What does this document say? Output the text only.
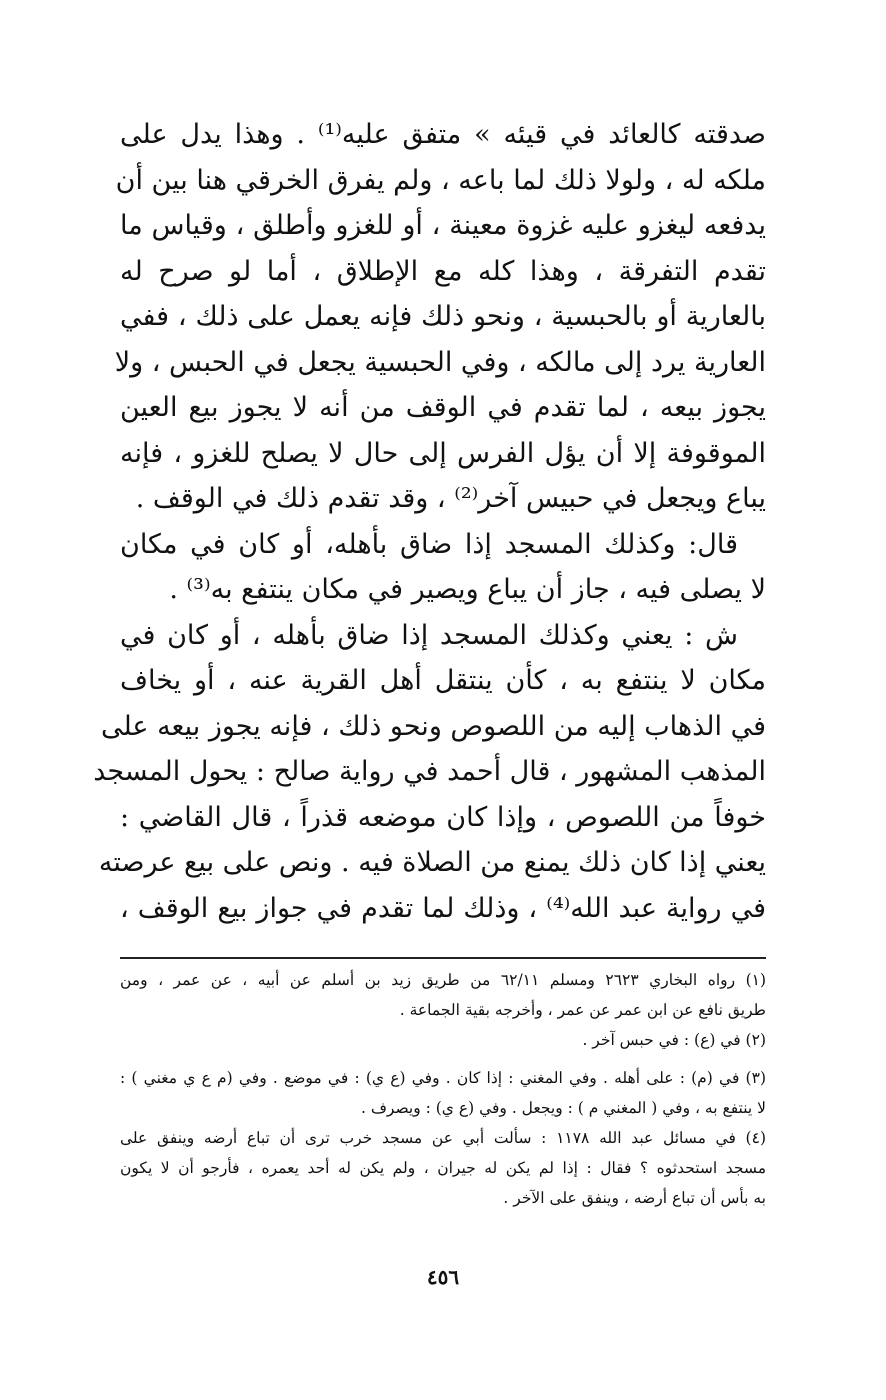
صدقته كالعائد في قيئه » متفق عليه⁽¹⁾ . وهذا يدل على
ملكه له ، ولولا ذلك لما باعه ، ولم يفرق الخرقي هنا بين أن
يدفعه ليغزو عليه غزوة معينة ، أو للغزو وأطلق ، وقياس ما
تقدم التفرقة ، وهذا كله مع الإطلاق ، أما لو صرح له
بالعارية أو بالحبسية ، ونحو ذلك فإنه يعمل على ذلك ، ففي
العارية يرد إلى مالكه ، وفي الحبسية يجعل في الحبس ، ولا
يجوز بيعه ، لما تقدم في الوقف من أنه لا يجوز بيع العين
الموقوفة إلا أن يؤل الفرس إلى حال لا يصلح للغزو ، فإنه
يباع ويجعل في حبيس آخر⁽²⁾ ، وقد تقدم ذلك في الوقف .
قال: وكذلك المسجد إذا ضاق بأهله، أو كان في مكان
لا يصلى فيه ، جاز أن يباع ويصير في مكان ينتفع به⁽³⁾ .
ش : يعني وكذلك المسجد إذا ضاق بأهله ، أو كان في
مكان لا ينتفع به ، كأن ينتقل أهل القرية عنه ، أو يخاف
في الذهاب إليه من اللصوص ونحو ذلك ، فإنه يجوز بيعه على
المذهب المشهور ، قال أحمد في رواية صالح : يحول المسجد
خوفاً من اللصوص ، وإذا كان موضعه قذراً ، قال القاضي :
يعني إذا كان ذلك يمنع من الصلاة فيه . ونص على بيع عرصته
في رواية عبد الله⁽⁴⁾ ، وذلك لما تقدم في جواز بيع الوقف ،
(١) رواه البخاري ٢٦٢٣ ومسلم ٦٢/١١ من طريق زيد بن أسلم عن أبيه ، عن عمر ، ومن
طريق نافع عن ابن عمر عن عمر ، وأخرجه بقية الجماعة .
(٢) في (ع) : في حبس آخر .
(٣) في (م) : على أهله . وفي المغني : إذا كان . وفي (ع ي) : في موضع . وفي (م ع ي مغني ) :
لا ينتفع به ، وفي ( المغني م ) : ويجعل . وفي (ع ي) : ويصرف .
(٤) في مسائل عبد الله ١١٧٨ : سألت أبي عن مسجد خرب ترى أن تباع أرضه وينفق على
مسجد استحدثوه ؟ فقال : إذا لم يكن له جيران ، ولم يكن له أحد يعمره ، فأرجو أن لا يكون
به بأس أن تباع أرضه ، وينفق على الآخر .
٤٥٦
